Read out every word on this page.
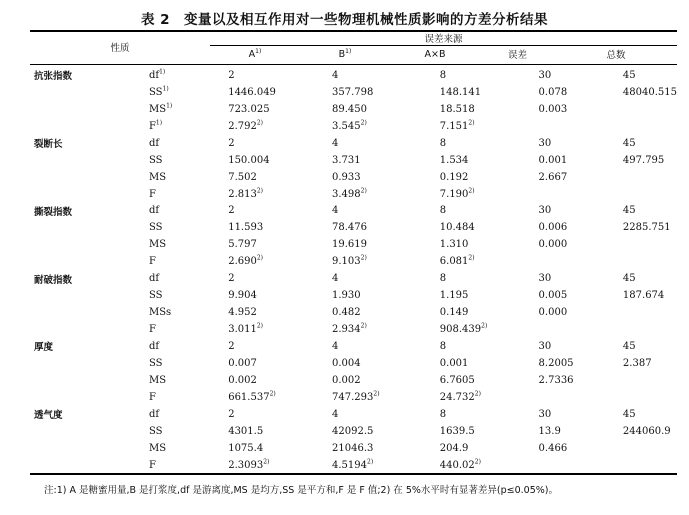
表 2　变量以及相互作用对一些物理机械性质影响的方差分析结果
性质	误差来源				
	$A^{1)}$	$B^{1)}$	A×B	误差	总数
抗张指数	$df^{1)}$	2	4	8	30	45
	SS$^{1)}$	1446.049	357.798	148.141	0.078	48040.515
	MS$^{1)}$	723.025	89.450	18.518	0.003	
	$F^{1)}$	2.792$^{2)}$	3.545$^{2)}$	7.151$^{2)}$		
裂断长	df	2	4	8	30	45
	SS	150.004	3.731	1.534	0.001	497.795
	MS	7.502	0.933	0.192	2.667	
	F	2.813$^{2)}$	3.498$^{2)}$	7.190$^{2)}$		
撕裂指数	df	2	4	8	30	45
	SS	11.593	78.476	10.484	0.006	2285.751
	MS	5.797	19.619	1.310	0.000	
	F	2.690$^{2)}$	9.103$^{2)}$	6.081$^{2)}$		
耐破指数	df	2	4	8	30	45
	SS	9.904	1.930	1.195	0.005	187.674
	MSs	4.952	0.482	0.149	0.000	
	F	3.011$^{2)}$	2.934$^{2)}$	908.439$^{2)}$		
厚度	df	2	4	8	30	45
	SS	0.007	0.004	0.001	8.2005	2.387
	MS	0.002	0.002	6.7605	2.7336	
	F	661.537$^{2)}$	747.293$^{2)}$	24.732$^{2)}$		
透气度	df	2	4	8	30	45
	SS	4301.5	42092.5	1639.5	13.9	244060.9
	MS	1075.4	21046.3	204.9	0.466	
	F	2.3093$^{2)}$	4.5194$^{2)}$	440.02$^{2)}$		
注:1) A 是糖蜜用量,B 是打浆度,df 是游离度,MS 是均方,SS 是平方和,F 是 F 值;2) 在 5%水平时有显著差异(p≤0.05%)。
